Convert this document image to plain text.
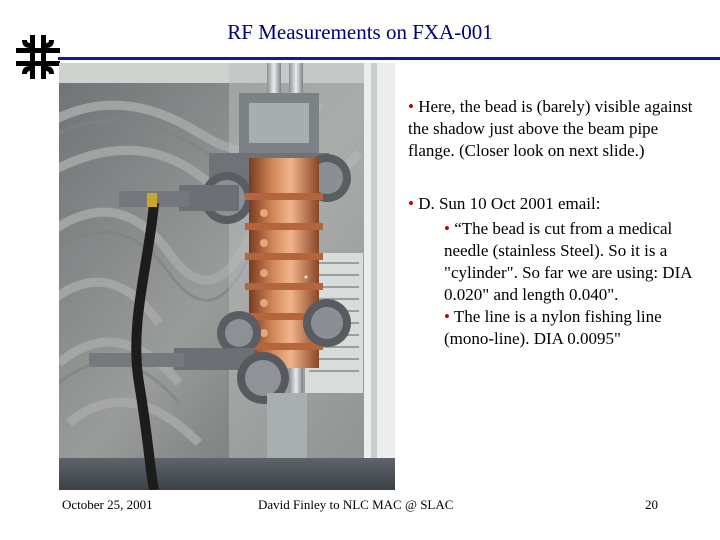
RF Measurements on FXA-001
• Here, the bead is (barely) visible against the shadow just above the beam pipe flange. (Closer look on next slide.)
• D. Sun 10 Oct 2001 email:
• “The bead is cut from a medical needle (stainless Steel). So it is a "cylinder". So far we are using: DIA 0.020" and length 0.040".
• The line is a nylon fishing line (mono-line). DIA 0.0095"
October 25, 2001	David Finley to NLC MAC @ SLAC	20
